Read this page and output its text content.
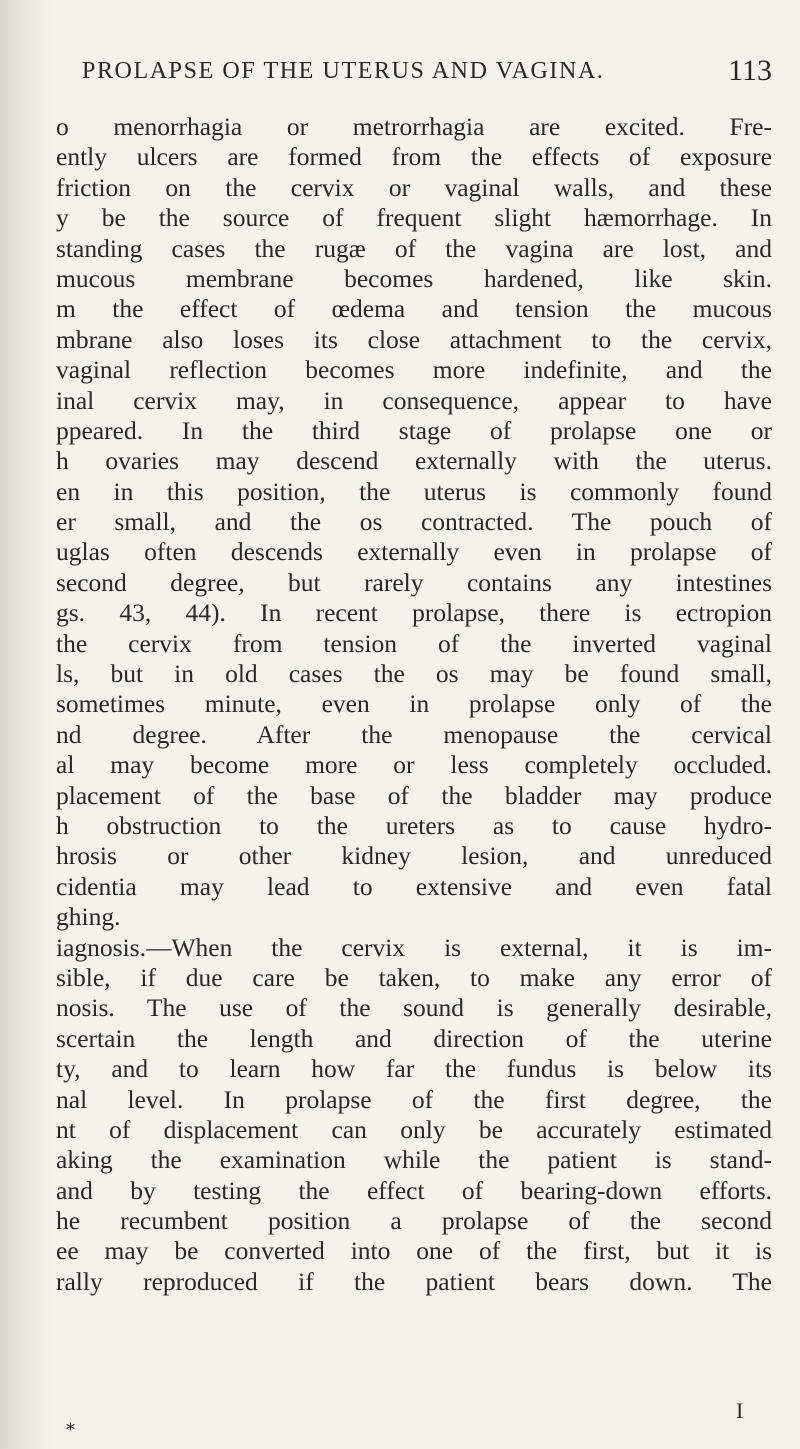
PROLAPSE OF THE UTERUS AND VAGINA.	113
o menorrhagia or metrorrhagia are excited. Fre-
ently ulcers are formed from the effects of exposure
friction on the cervix or vaginal walls, and these
y be the source of frequent slight hæmorrhage. In
standing cases the rugæ of the vagina are lost, and
mucous membrane becomes hardened, like skin.
m the effect of œdema and tension the mucous
mbrane also loses its close attachment to the cervix,
vaginal reflection becomes more indefinite, and the
inal cervix may, in consequence, appear to have
ppeared. In the third stage of prolapse one or
h ovaries may descend externally with the uterus.
en in this position, the uterus is commonly found
er small, and the os contracted. The pouch of
uglas often descends externally even in prolapse of
second degree, but rarely contains any intestines
gs. 43, 44). In recent prolapse, there is ectropion
the cervix from tension of the inverted vaginal
ls, but in old cases the os may be found small,
sometimes minute, even in prolapse only of the
nd degree. After the menopause the cervical
al may become more or less completely occluded.
placement of the base of the bladder may produce
h obstruction to the ureters as to cause hydro-
hrosis or other kidney lesion, and unreduced
cidentia may lead to extensive and even fatal
ghing.
iagnosis.—When the cervix is external, it is im-
sible, if due care be taken, to make any error of
nosis. The use of the sound is generally desirable,
scertain the length and direction of the uterine
ty, and to learn how far the fundus is below its
nal level. In prolapse of the first degree, the
nt of displacement can only be accurately estimated
aking the examination while the patient is stand-
and by testing the effect of bearing-down efforts.
he recumbent position a prolapse of the second
ee may be converted into one of the first, but it is
rally reproduced if the patient bears down. The
I
⁎
